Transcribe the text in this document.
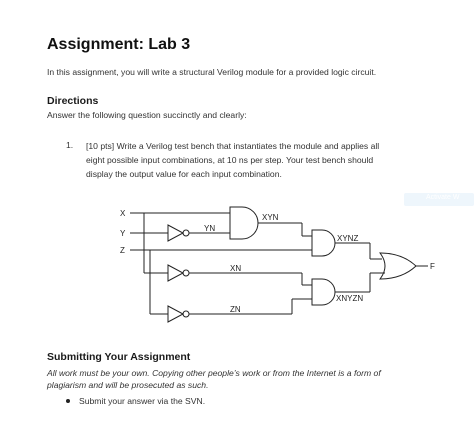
Assignment: Lab 3
In this assignment, you will write a structural Verilog module for a provided logic circuit.
Directions
Answer the following question succinctly and clearly:
1. [10 pts] Write a Verilog test bench that instantiates the module and applies all
eight possible input combinations, at 10 ns per step. Your test bench should
display the output value for each input combination.
Activate W
X
Y
Z
YN
XYN
XYNZ
XN
XNYZN
ZN
F
Submitting Your Assignment
All work must be your own. Copying other people’s work or from the Internet is a form of
plagiarism and will be prosecuted as such.
Submit your answer via the SVN.
